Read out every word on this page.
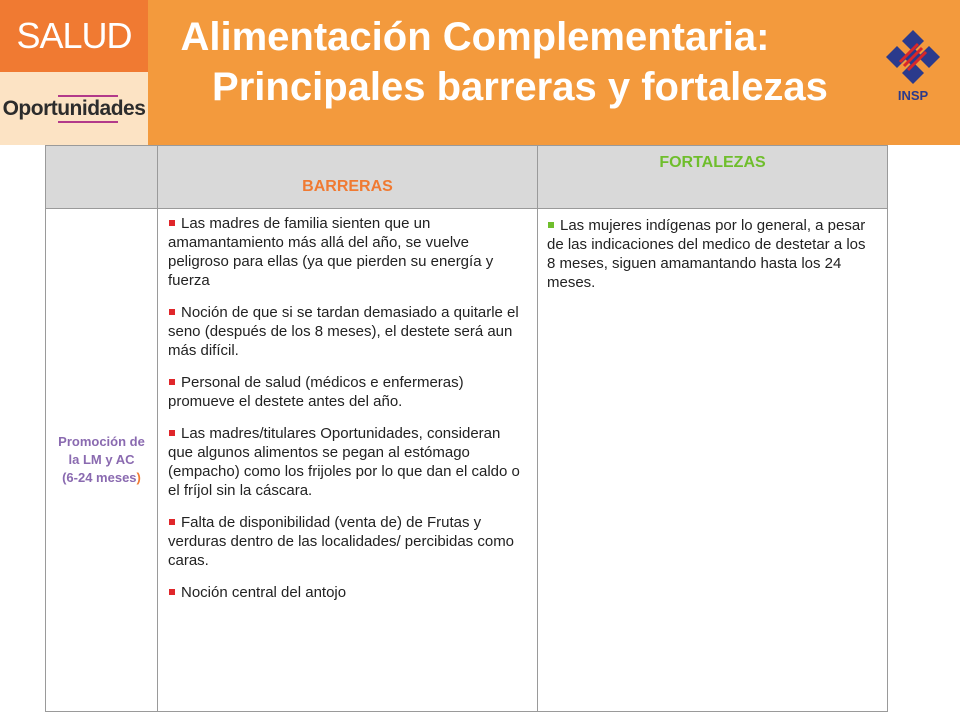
SALUD
Oportunidades
Alimentación Complementaria:
Principales barreras y fortalezas	INSP
BARRERAS
FORTALEZAS
Promoción de
la LM y AC
(6-24 meses)
Las madres de familia sienten que un amamantamiento más allá del año, se vuelve peligroso para ellas (ya que pierden su energía y fuerza
Noción de que si se tardan demasiado a quitarle el seno (después de los 8 meses), el destete será aun más difícil.
Personal de salud (médicos e enfermeras) promueve el destete antes del año.
Las madres/titulares Oportunidades, consideran que algunos alimentos se pegan al estómago (empacho) como los frijoles por lo que dan el caldo o el fríjol sin la cáscara.
Falta de disponibilidad (venta de) de Frutas y verduras dentro de las localidades/ percibidas como caras.
Noción central del antojo
Las mujeres indígenas por lo general, a pesar de las indicaciones del medico de destetar a los 8 meses, siguen amamantando hasta los 24 meses.
